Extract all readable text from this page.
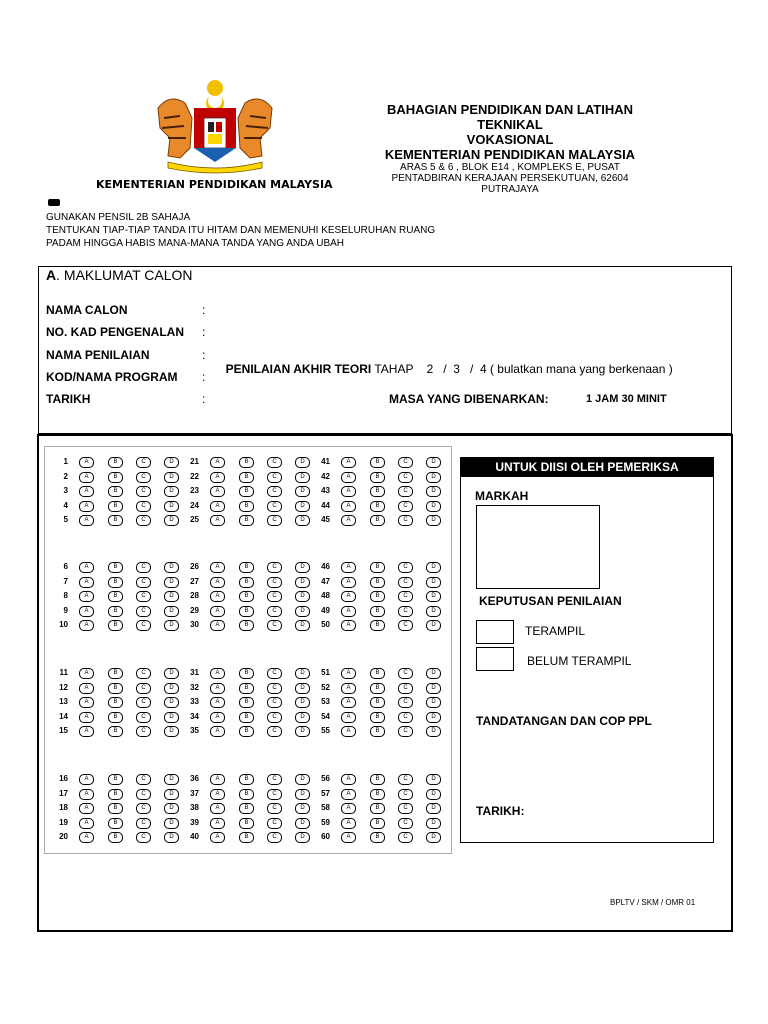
KEMENTERIAN PENDIDIKAN MALAYSIA
BAHAGIAN PENDIDIKAN DAN LATIHAN TEKNIKAL
VOKASIONAL
KEMENTERIAN PENDIDIKAN MALAYSIA
ARAS 5 & 6 , BLOK E14 , KOMPLEKS E, PUSAT
PENTADBIRAN KERAJAAN PERSEKUTUAN, 62604
PUTRAJAYA
GUNAKAN PENSIL 2B SAHAJA
TENTUKAN TIAP-TIAP TANDA ITU HITAM DAN MEMENUHI KESELURUHAN RUANG
PADAM HINGGA HABIS MANA-MANA TANDA YANG ANDA UBAH
A. MAKLUMAT CALON
NAMA CALON	:
NO. KAD PENGENALAN :
NAMA PENILAIAN	:

PENILAIAN AKHIR TEORI TAHAP    2   /  3   /  4 ( bulatkan mana yang berkenaan )

KOD/NAMA PROGRAM :
TARIKH	:	MASA YANG DIBENARKAN:	1 JAM 30 MINIT
1	A	B	C	D
2	A	B	C	D
3	A	B	C	D
4	A	B	C	D
5	A	B	C	D
6	A	B	C	D
7	A	B	C	D
8	A	B	C	D
9	A	B	C	D
10	A	B	C	D
11	A	B	C	D
12	A	B	C	D
13	A	B	C	D
14	A	B	C	D
15	A	B	C	D
16	A	B	C	D
17	A	B	C	D
18	A	B	C	D
19	A	B	C	D
20	A	B	C	D
21	A	B	C	D
22	A	B	C	D
23	A	B	C	D
24	A	B	C	D
25	A	B	C	D
26	A	B	C	D
27	A	B	C	D
28	A	B	C	D
29	A	B	C	D
30	A	B	C	D
31	A	B	C	D
32	A	B	C	D
33	A	B	C	D
34	A	B	C	D
35	A	B	C	D
36	A	B	C	D
37	A	B	C	D
38	A	B	C	D
39	A	B	C	D
40	A	B	C	D
41	A	B	C	D
42	A	B	C	D
43	A	B	C	D
44	A	B	C	D
45	A	B	C	D
46	A	B	C	D
47	A	B	C	D
48	A	B	C	D
49	A	B	C	D
50	A	B	C	D
51	A	B	C	D
52	A	B	C	D
53	A	B	C	D
54	A	B	C	D
55	A	B	C	D
56	A	B	C	D
57	A	B	C	D
58	A	B	C	D
59	A	B	C	D
60	A	B	C	D
UNTUK DIISI OLEH PEMERIKSA
MARKAH
KEPUTUSAN PENILAIAN
TERAMPIL
BELUM TERAMPIL
TANDATANGAN DAN COP PPL
TARIKH:
BPLTV / SKM / OMR 01
